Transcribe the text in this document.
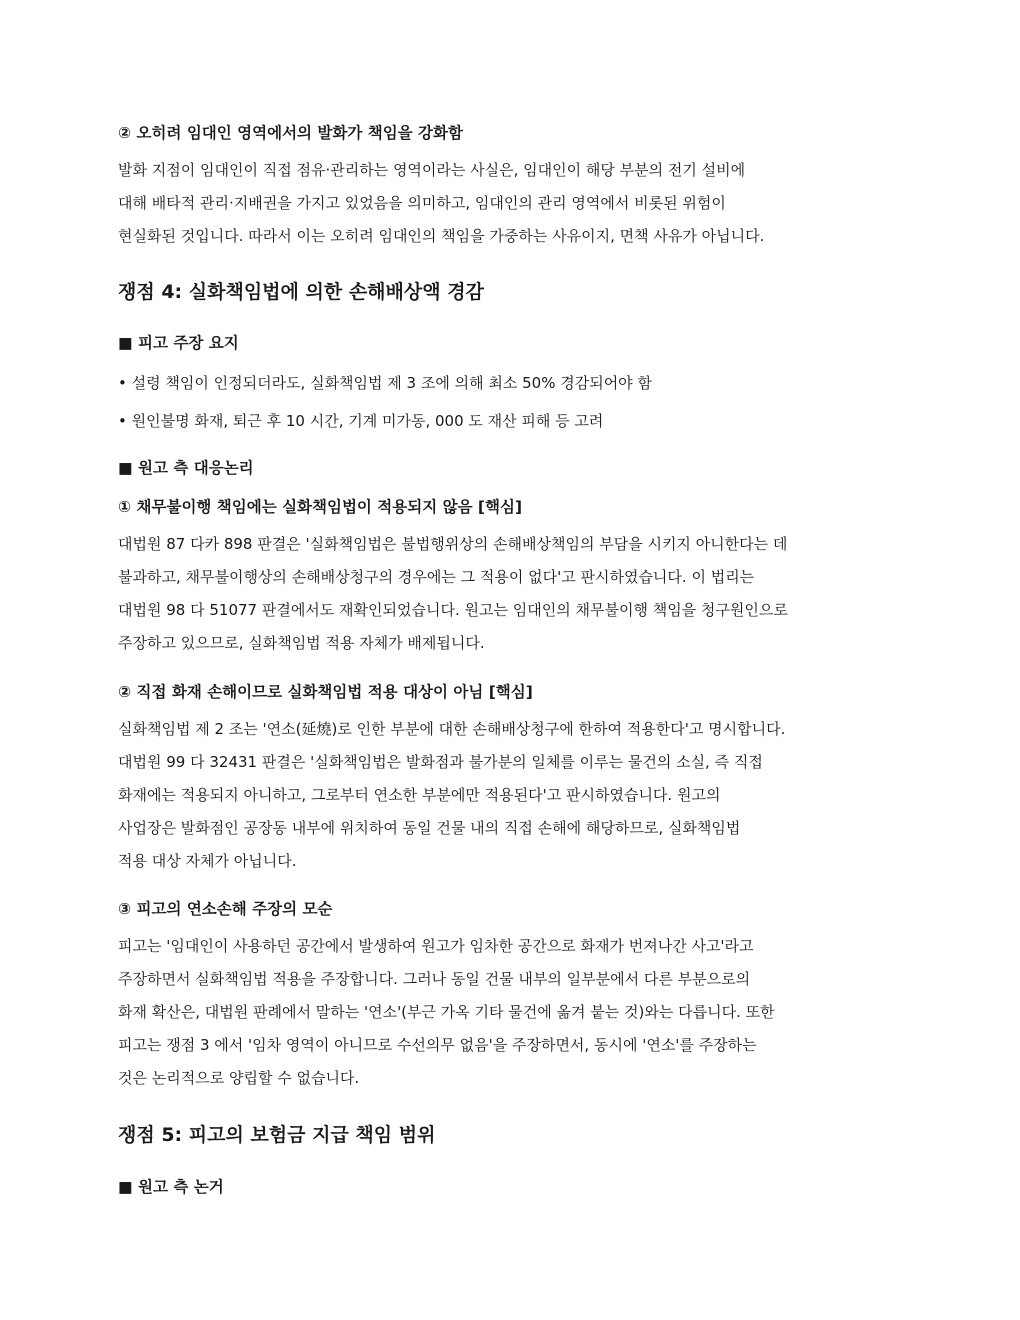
② 오히려 임대인 영역에서의 발화가 책임을 강화함
발화 지점이 임대인이 직접 점유·관리하는 영역이라는 사실은, 임대인이 해당 부분의 전기 설비에
대해 배타적 관리·지배권을 가지고 있었음을 의미하고, 임대인의 관리 영역에서 비롯된 위험이
현실화된 것입니다. 따라서 이는 오히려 임대인의 책임을 가중하는 사유이지, 면책 사유가 아닙니다.
쟁점 4: 실화책임법에 의한 손해배상액 경감
■ 피고 주장 요지
• 설령 책임이 인정되더라도, 실화책임법 제 3 조에 의해 최소 50% 경감되어야 함
• 원인불명 화재, 퇴근 후 10 시간, 기계 미가동, 000 도 재산 피해 등 고려
■ 원고 측 대응논리
① 채무불이행 책임에는 실화책임법이 적용되지 않음 [핵심]
대법원 87 다카 898 판결은 '실화책임법은 불법행위상의 손해배상책임의 부담을 시키지 아니한다는 데
불과하고, 채무불이행상의 손해배상청구의 경우에는 그 적용이 없다'고 판시하였습니다. 이 법리는
대법원 98 다 51077 판결에서도 재확인되었습니다. 원고는 임대인의 채무불이행 책임을 청구원인으로
주장하고 있으므로, 실화책임법 적용 자체가 배제됩니다.
② 직접 화재 손해이므로 실화책임법 적용 대상이 아님 [핵심]
실화책임법 제 2 조는 '연소(延燒)로 인한 부분에 대한 손해배상청구에 한하여 적용한다'고 명시합니다.
대법원 99 다 32431 판결은 '실화책임법은 발화점과 불가분의 일체를 이루는 물건의 소실, 즉 직접
화재에는 적용되지 아니하고, 그로부터 연소한 부분에만 적용된다'고 판시하였습니다. 원고의
사업장은 발화점인 공장동 내부에 위치하여 동일 건물 내의 직접 손해에 해당하므로, 실화책임법
적용 대상 자체가 아닙니다.
③ 피고의 연소손해 주장의 모순
피고는 '임대인이 사용하던 공간에서 발생하여 원고가 임차한 공간으로 화재가 번져나간 사고'라고
주장하면서 실화책임법 적용을 주장합니다. 그러나 동일 건물 내부의 일부분에서 다른 부분으로의
화재 확산은, 대법원 판례에서 말하는 '연소'(부근 가옥 기타 물건에 옮겨 붙는 것)와는 다릅니다. 또한
피고는 쟁점 3 에서 '임차 영역이 아니므로 수선의무 없음'을 주장하면서, 동시에 '연소'를 주장하는
것은 논리적으로 양립할 수 없습니다.
쟁점 5: 피고의 보험금 지급 책임 범위
■ 원고 측 논거
